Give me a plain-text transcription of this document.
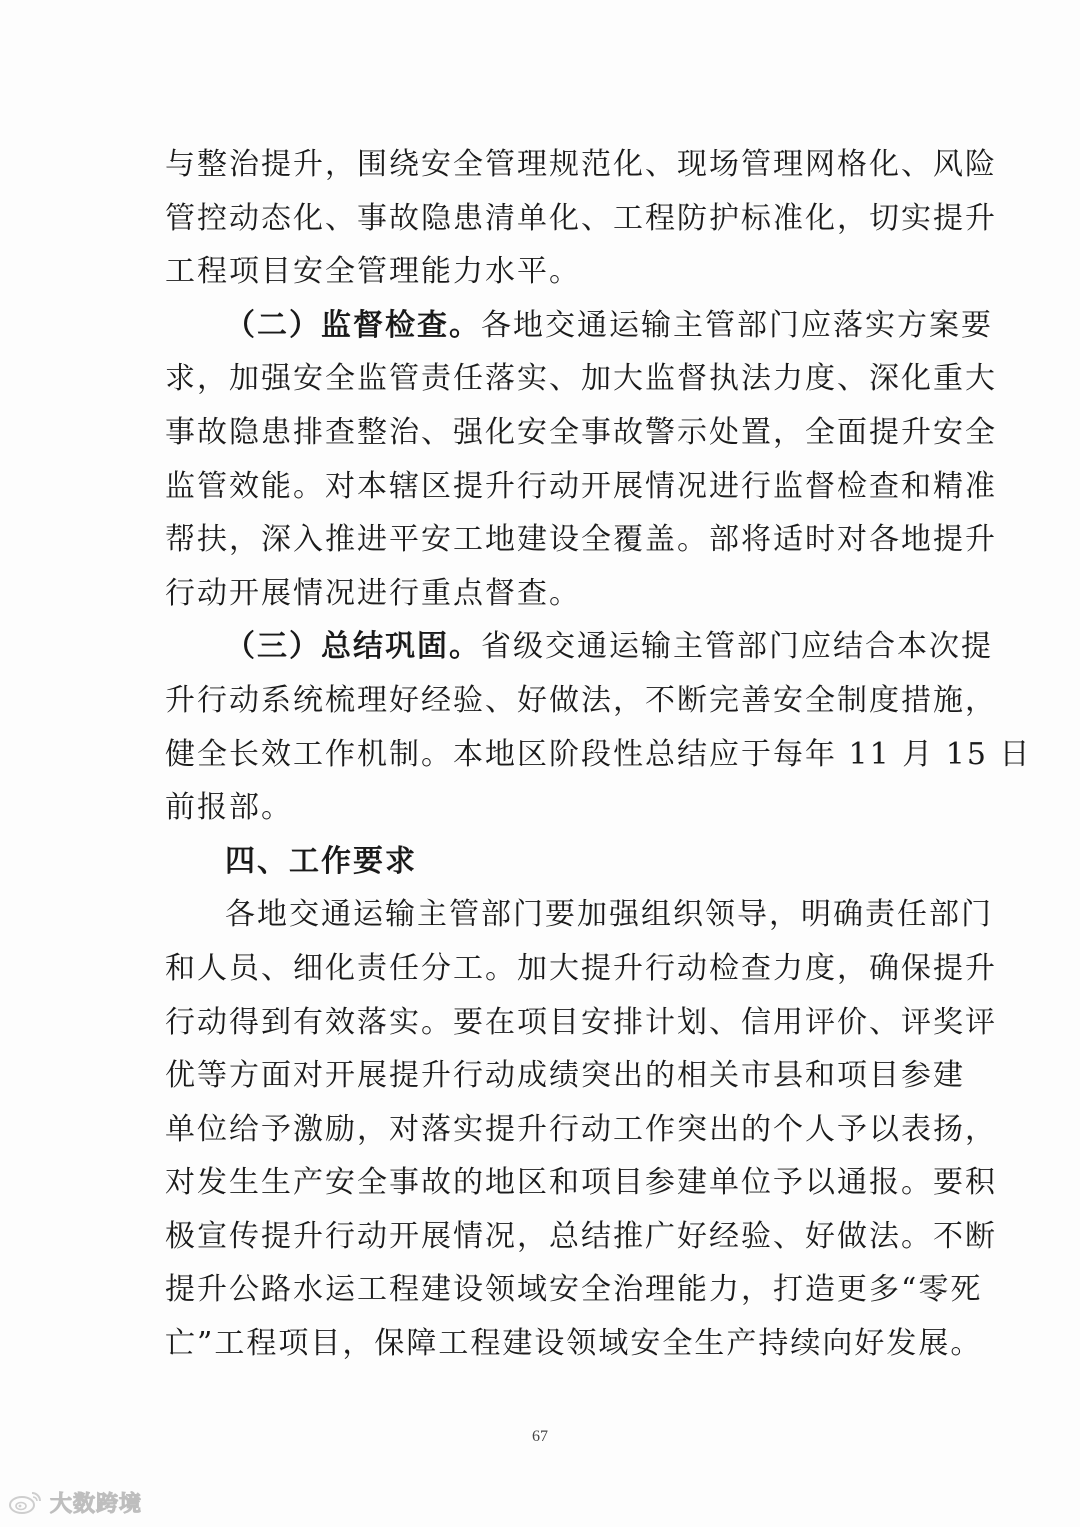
与整治提升，围绕安全管理规范化、现场管理网格化、风险
管控动态化、事故隐患清单化、工程防护标准化，切实提升
工程项目安全管理能力水平。
（二）监督检查。各地交通运输主管部门应落实方案要
求，加强安全监管责任落实、加大监督执法力度、深化重大
事故隐患排查整治、强化安全事故警示处置，全面提升安全
监管效能。对本辖区提升行动开展情况进行监督检查和精准
帮扶，深入推进平安工地建设全覆盖。部将适时对各地提升
行动开展情况进行重点督查。
（三）总结巩固。省级交通运输主管部门应结合本次提
升行动系统梳理好经验、好做法，不断完善安全制度措施，
健全长效工作机制。本地区阶段性总结应于每年 11 月 15 日
前报部。
四、工作要求
各地交通运输主管部门要加强组织领导，明确责任部门
和人员、细化责任分工。加大提升行动检查力度，确保提升
行动得到有效落实。要在项目安排计划、信用评价、评奖评
优等方面对开展提升行动成绩突出的相关市县和项目参建
单位给予激励，对落实提升行动工作突出的个人予以表扬，
对发生生产安全事故的地区和项目参建单位予以通报。要积
极宣传提升行动开展情况，总结推广好经验、好做法。不断
提升公路水运工程建设领域安全治理能力，打造更多“零死
亡”工程项目，保障工程建设领域安全生产持续向好发展。
67
大数跨境
